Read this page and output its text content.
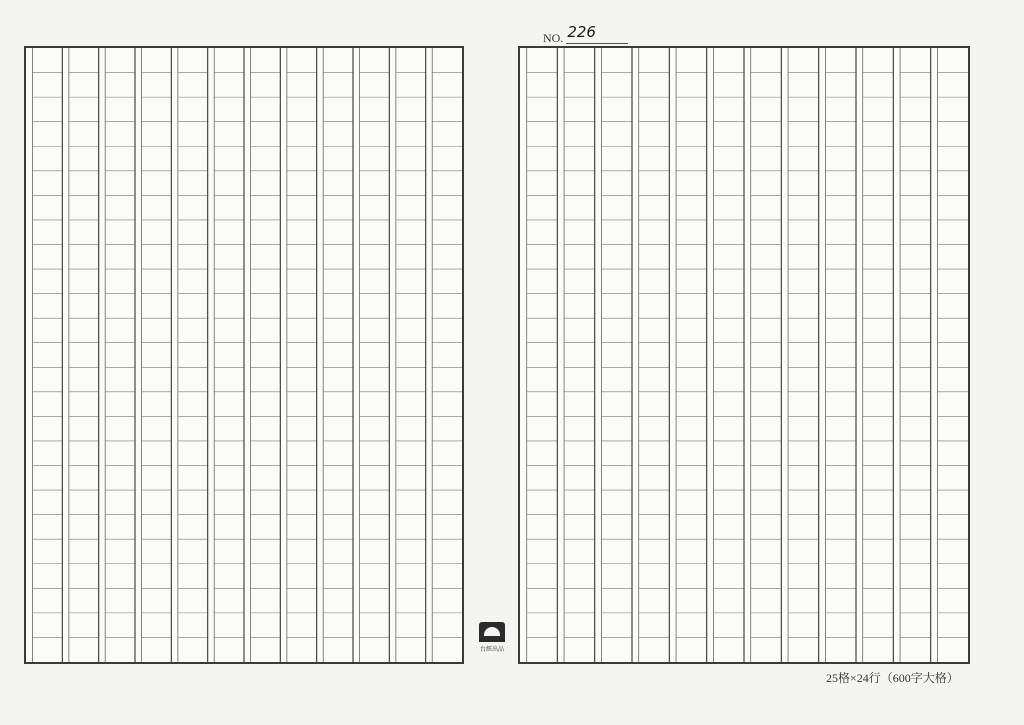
NO. 226
台經出品
25格×24行（600字大格）
